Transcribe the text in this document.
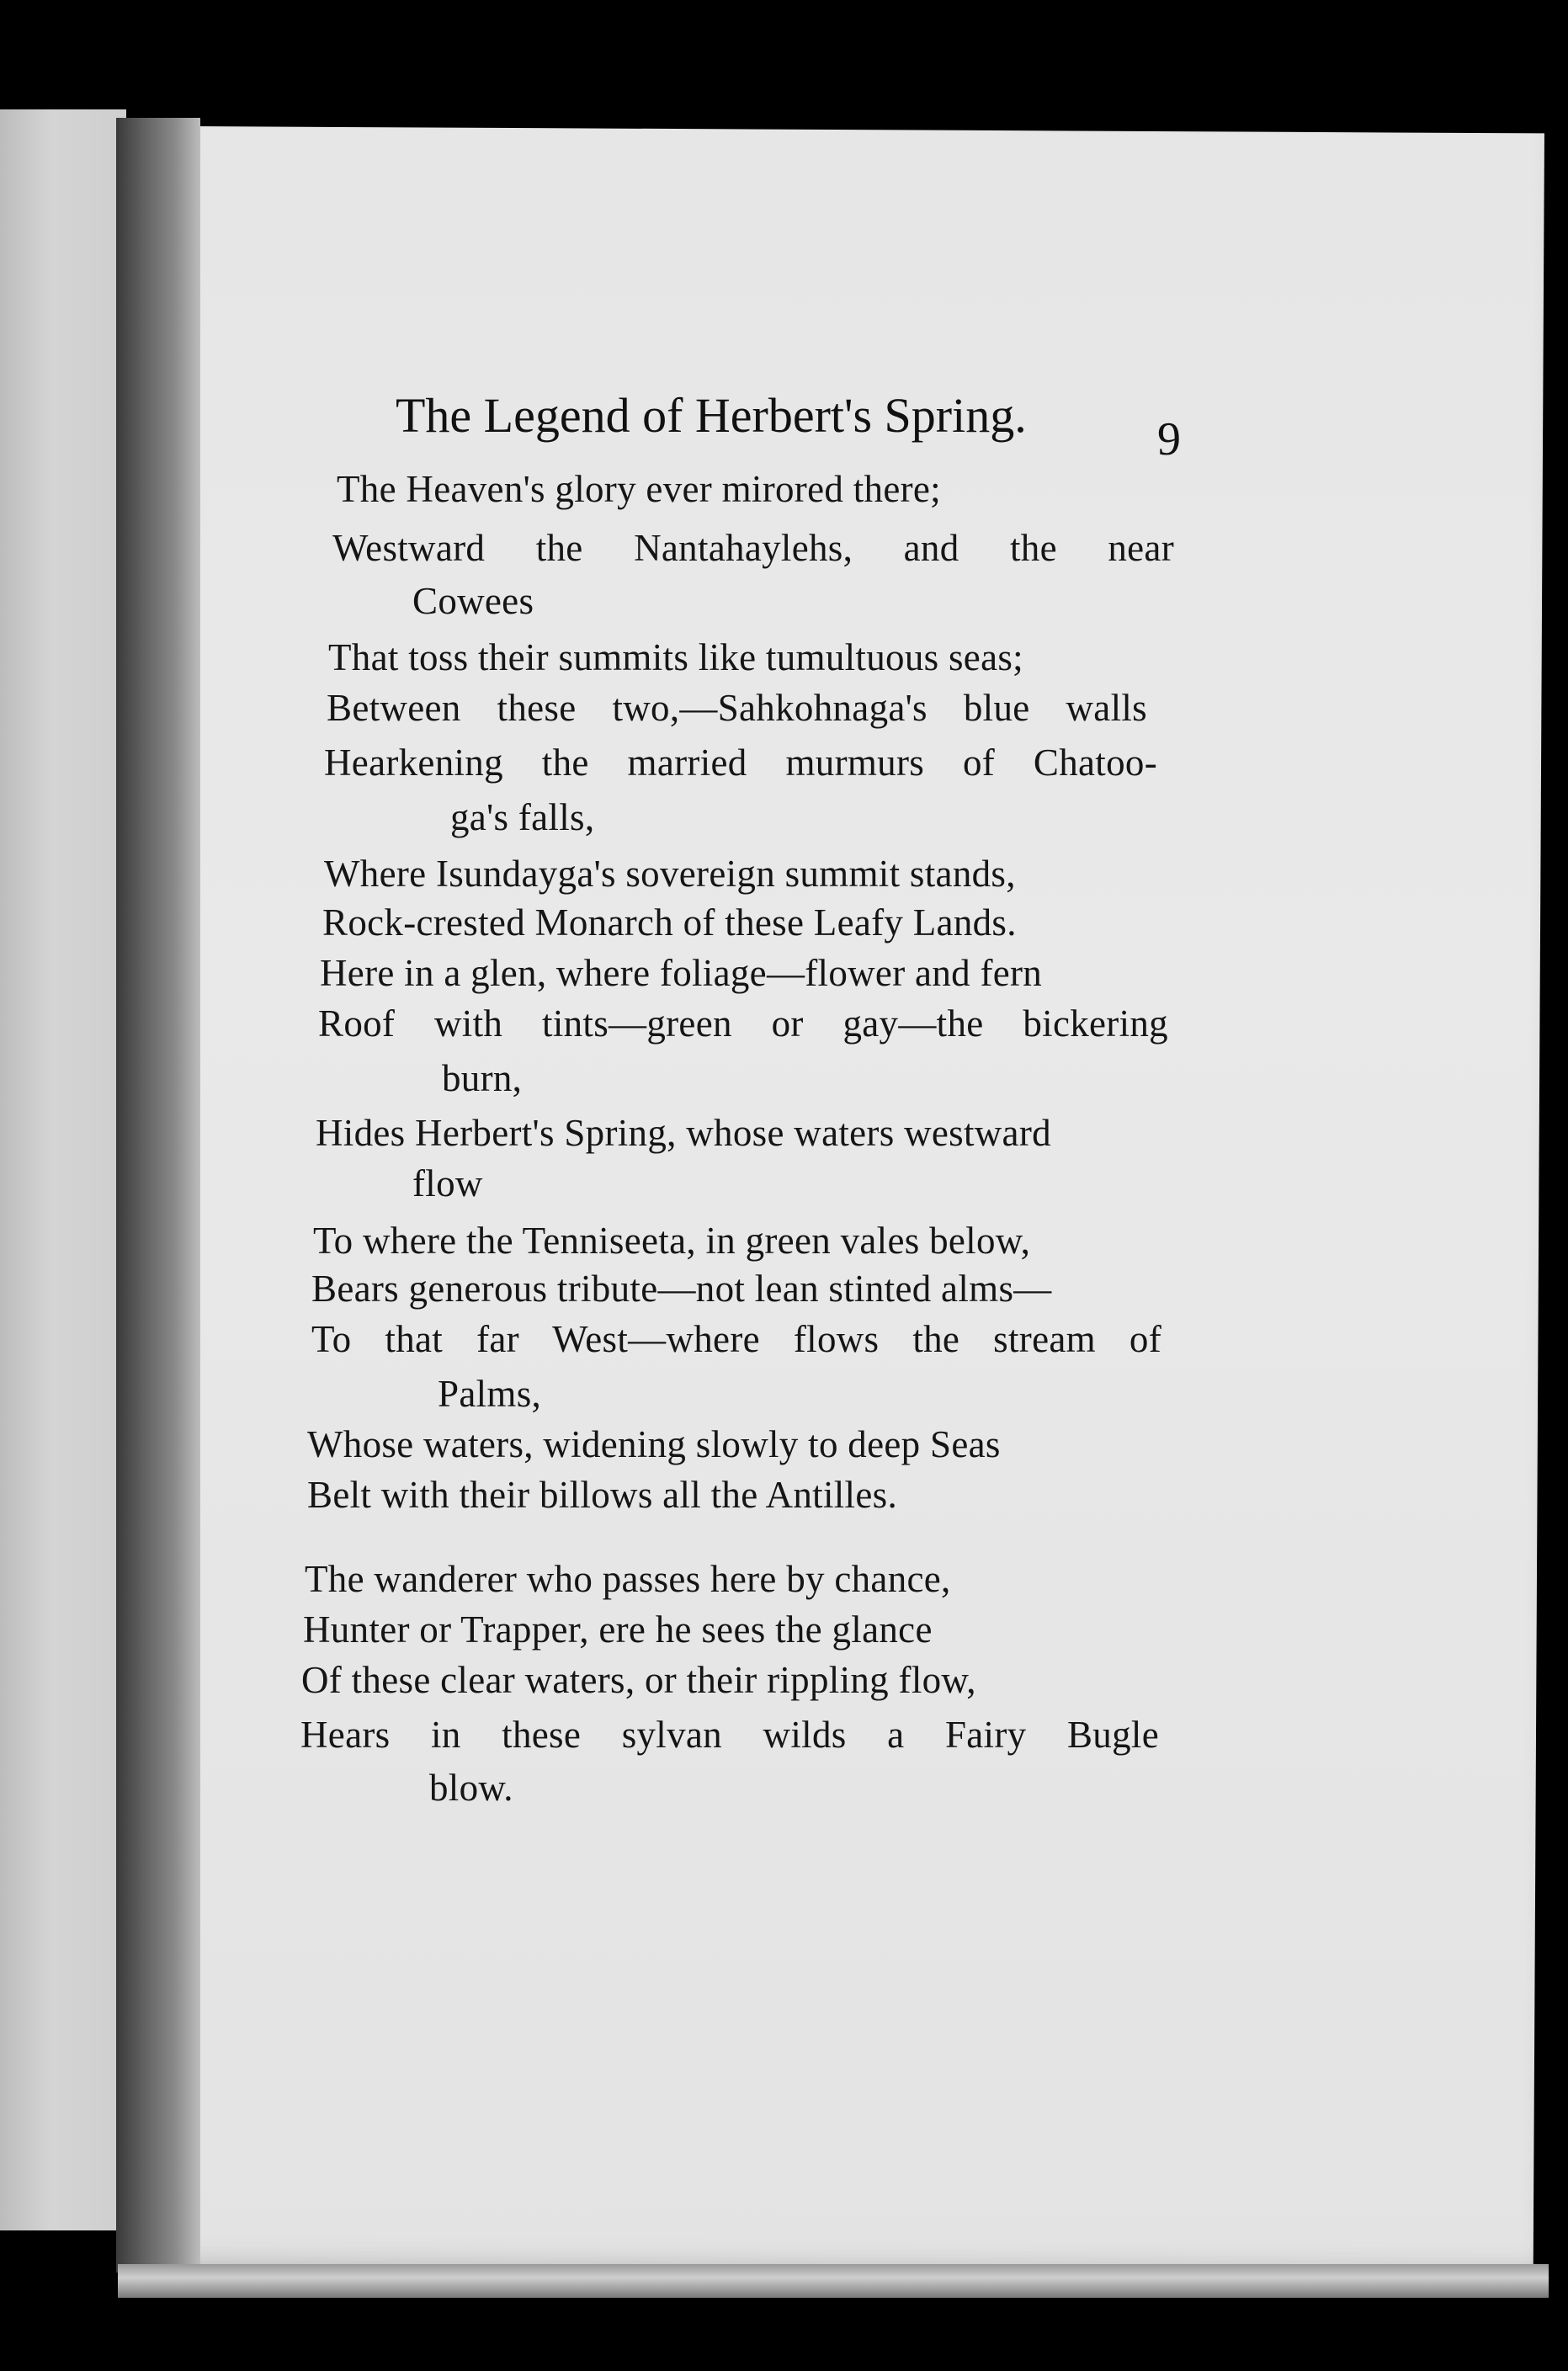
The Legend of Herbert's Spring.	9
The Heaven's glory ever mirored there;
Westward the Nantahaylehs, and the near
Cowees
That toss their summits like tumultuous seas;
Between these two,—Sahkohnaga's blue walls
Hearkening the married murmurs of Chatoo-
ga's falls,
Where Isundayga's sovereign summit stands,
Rock-crested Monarch of these Leafy Lands.
Here in a glen, where foliage—flower and fern
Roof with tints—green or gay—the bickering
burn,
Hides Herbert's Spring, whose waters westward
flow
To where the Tenniseeta, in green vales below,
Bears generous tribute—not lean stinted alms—
To that far West—where flows the stream of
Palms,
Whose waters, widening slowly to deep Seas
Belt with their billows all the Antilles.
The wanderer who passes here by chance,
Hunter or Trapper, ere he sees the glance
Of these clear waters, or their rippling flow,
Hears in these sylvan wilds a Fairy Bugle
blow.
